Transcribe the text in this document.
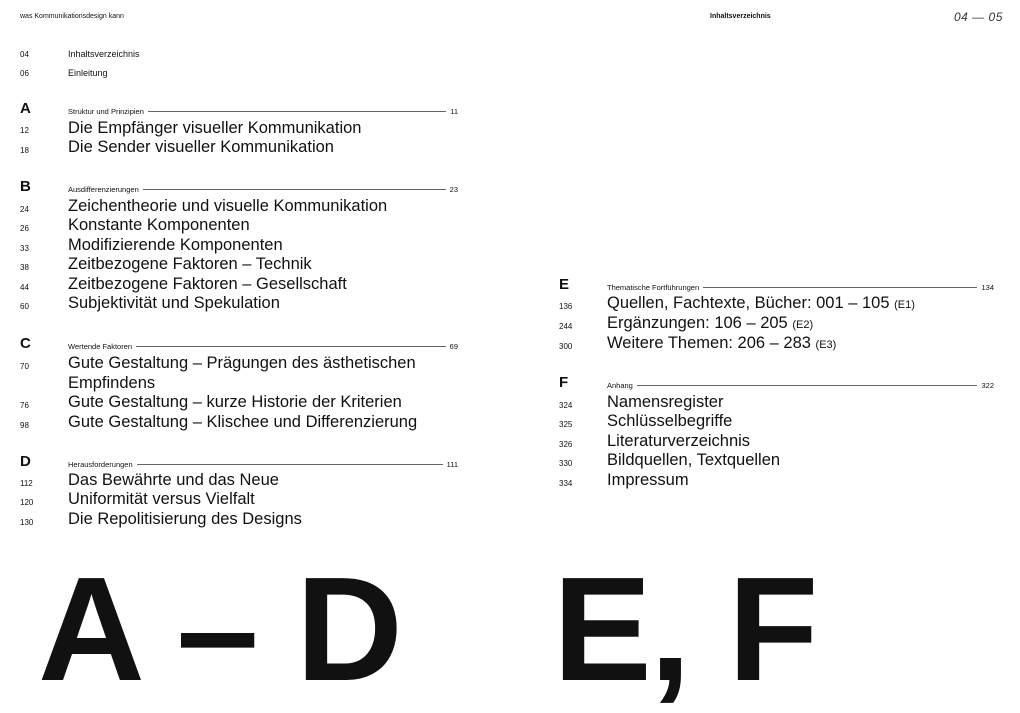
was Kommunikationsdesign kann	Inhaltsverzeichnis	04 — 05
04	Inhaltsverzeichnis
06	Einleitung
A	Struktur und Prinzipien	11
12 Die Empfänger visueller Kommunikation
18 Die Sender visueller Kommunikation
B	Ausdifferenzierungen	23
24 Zeichentheorie und visuelle Kommunikation
26 Konstante Komponenten
33 Modifizierende Komponenten
38 Zeitbezogene Faktoren – Technik
44 Zeitbezogene Faktoren – Gesellschaft
60 Subjektivität und Spekulation
C	Wertende Faktoren	69
70 Gute Gestaltung – Prägungen des ästhetischen Empfindens
76 Gute Gestaltung – kurze Historie der Kriterien
98 Gute Gestaltung – Klischee und Differenzierung
D	Herausforderungen	111
112 Das Bewährte und das Neue
120 Uniformität versus Vielfalt
130 Die Repolitisierung des Designs
E	Thematische Fortführungen	134
136 Quellen, Fachtexte, Bücher: 001 – 105 (E1)
244 Ergänzungen: 106 – 205 (E2)
300 Weitere Themen: 206 – 283 (E3)
F	Anhang	322
324 Namensregister
325 Schlüsselbegriffe
326 Literaturverzeichnis
330 Bildquellen, Textquellen
334 Impressum
A – D E, F
